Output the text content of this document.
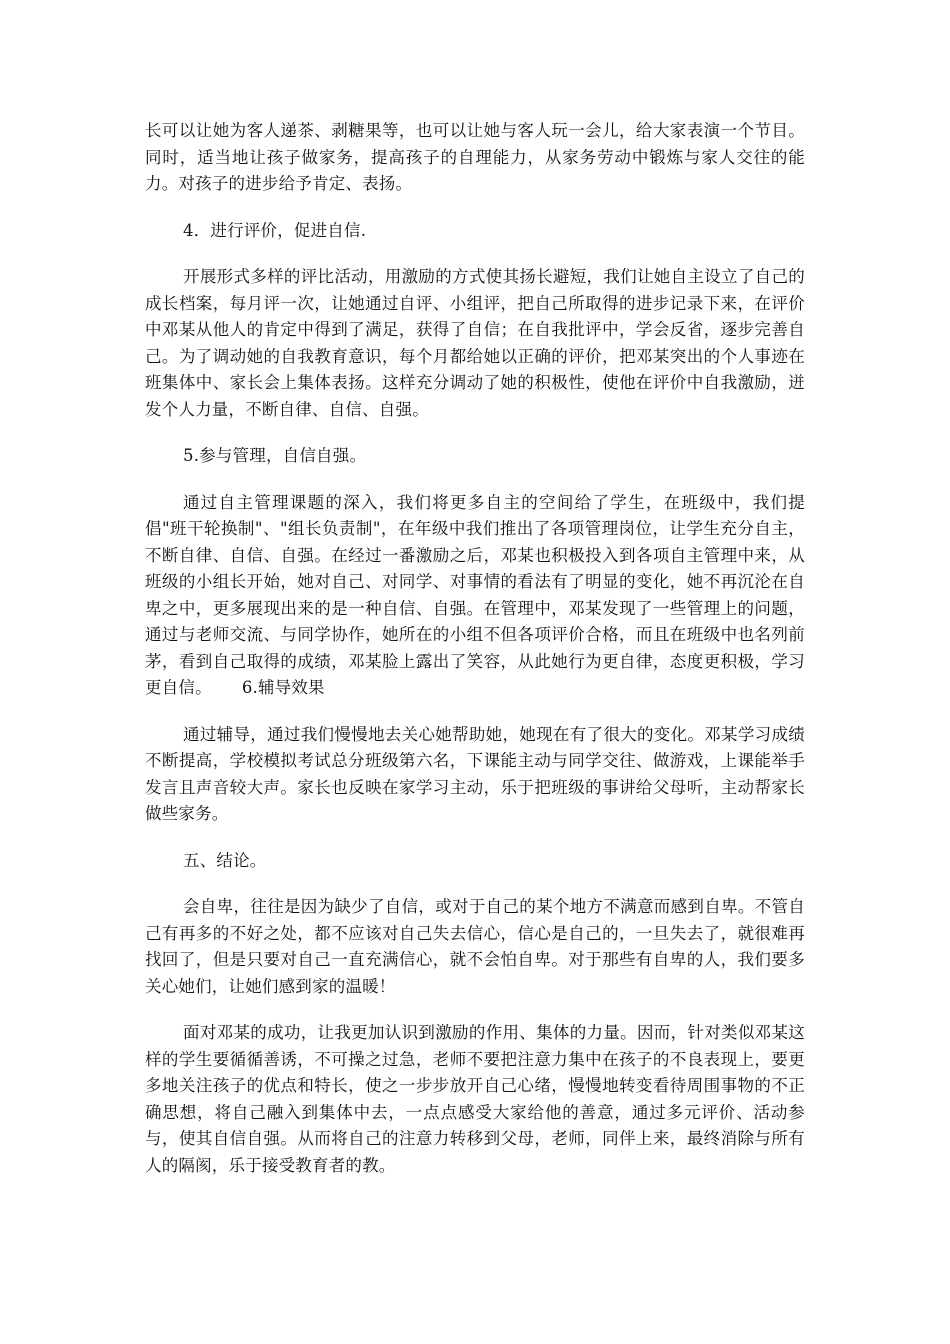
长可以让她为客人递茶、剥糖果等，也可以让她与客人玩一会儿，给大家表演一个节目。同时，适当地让孩子做家务，提高孩子的自理能力，从家务劳动中锻炼与家人交往的能力。对孩子的进步给予肯定、表扬。

4．进行评价，促进自信.

开展形式多样的评比活动，用激励的方式使其扬长避短，我们让她自主设立了自己的成长档案，每月评一次，让她通过自评、小组评，把自己所取得的进步记录下来，在评价中邓某从他人的肯定中得到了满足，获得了自信；在自我批评中，学会反省，逐步完善自己。为了调动她的自我教育意识，每个月都给她以正确的评价，把邓某突出的个人事迹在班集体中、家长会上集体表扬。这样充分调动了她的积极性，使他在评价中自我激励，迸发个人力量，不断自律、自信、自强。

5.参与管理，自信自强。

通过自主管理课题的深入，我们将更多自主的空间给了学生，在班级中，我们提倡"班干轮换制"、"组长负责制"，在年级中我们推出了各项管理岗位，让学生充分自主，不断自律、自信、自强。在经过一番激励之后，邓某也积极投入到各项自主管理中来，从班级的小组长开始，她对自己、对同学、对事情的看法有了明显的变化，她不再沉沦在自卑之中，更多展现出来的是一种自信、自强。在管理中，邓某发现了一些管理上的问题，通过与老师交流、与同学协作，她所在的小组不但各项评价合格，而且在班级中也名列前茅，看到自己取得的成绩，邓某脸上露出了笑容，从此她行为更自律，态度更积极，学习更自信。 6.辅导效果

通过辅导，通过我们慢慢地去关心她帮助她，她现在有了很大的变化。邓某学习成绩不断提高，学校模拟考试总分班级第六名，下课能主动与同学交往、做游戏，上课能举手发言且声音较大声。家长也反映在家学习主动，乐于把班级的事讲给父母听，主动帮家长做些家务。

五、结论。

会自卑，往往是因为缺少了自信，或对于自己的某个地方不满意而感到自卑。不管自己有再多的不好之处，都不应该对自己失去信心，信心是自己的，一旦失去了，就很难再找回了，但是只要对自己一直充满信心，就不会怕自卑。对于那些有自卑的人，我们要多关心她们，让她们感到家的温暖！

面对邓某的成功，让我更加认识到激励的作用、集体的力量。因而，针对类似邓某这样的学生要循循善诱，不可操之过急，老师不要把注意力集中在孩子的不良表现上，要更多地关注孩子的优点和特长，使之一步步放开自己心绪，慢慢地转变看待周围事物的不正确思想，将自己融入到集体中去，一点点感受大家给他的善意，通过多元评价、活动参与，使其自信自强。从而将自己的注意力转移到父母，老师，同伴上来，最终消除与所有人的隔阂，乐于接受教育者的教。
